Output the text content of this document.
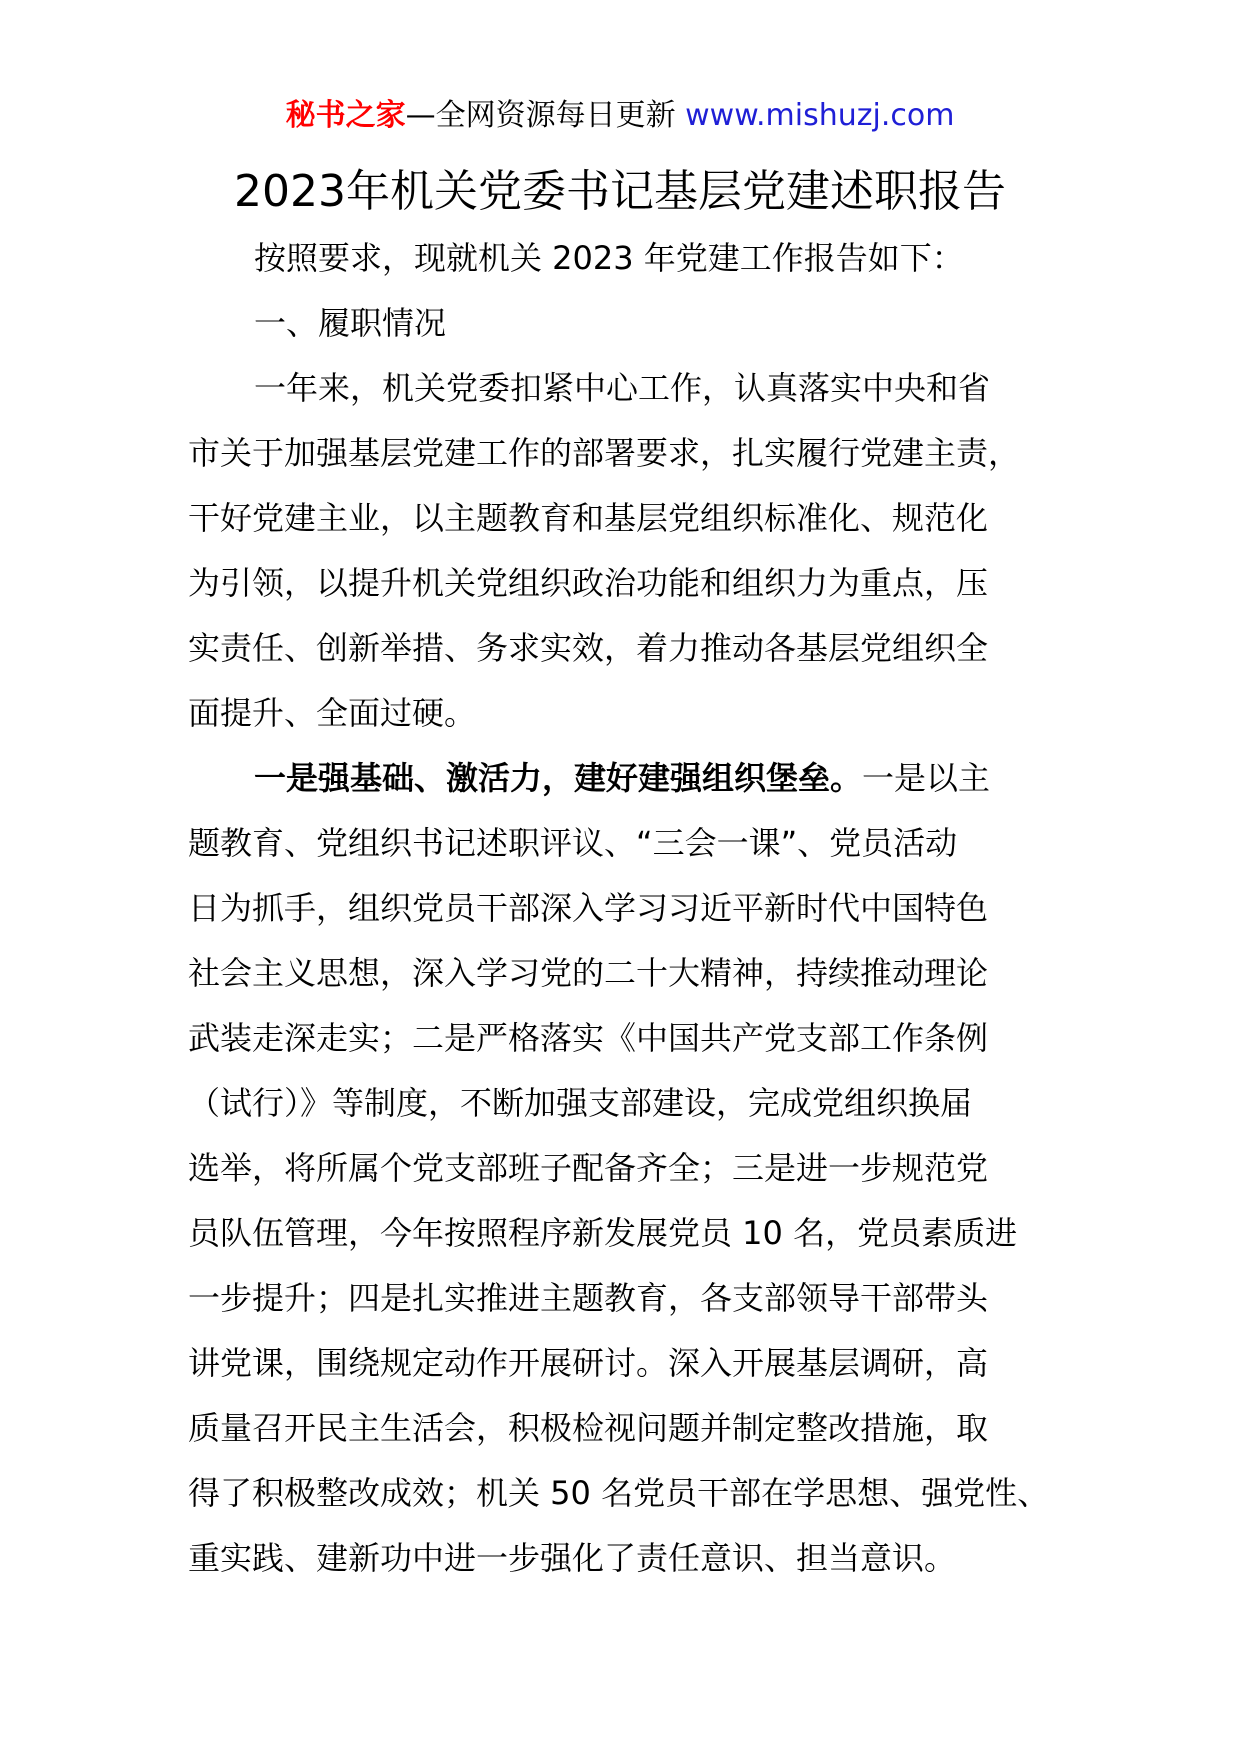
秘书之家—全网资源每日更新 www.mishuzj.com
2023年机关党委书记基层党建述职报告

按照要求，现就机关 2023 年党建工作报告如下：

一、履职情况

一年来，机关党委扣紧中心工作，认真落实中央和省
市关于加强基层党建工作的部署要求，扎实履行党建主责，
干好党建主业，以主题教育和基层党组织标准化、规范化
为引领，以提升机关党组织政治功能和组织力为重点，压
实责任、创新举措、务求实效，着力推动各基层党组织全
面提升、全面过硬。

一是强基础、激活力，建好建强组织堡垒。一是以主
题教育、党组织书记述职评议、“三会一课”、党员活动
日为抓手，组织党员干部深入学习习近平新时代中国特色
社会主义思想，深入学习党的二十大精神，持续推动理论
武装走深走实；二是严格落实《中国共产党支部工作条例
（试行）》等制度，不断加强支部建设，完成党组织换届
选举，将所属个党支部班子配备齐全；三是进一步规范党
员队伍管理，今年按照程序新发展党员 10 名，党员素质进
一步提升；四是扎实推进主题教育，各支部领导干部带头
讲党课，围绕规定动作开展研讨。深入开展基层调研，高
质量召开民主生活会，积极检视问题并制定整改措施，取
得了积极整改成效；机关 50 名党员干部在学思想、强党性、
重实践、建新功中进一步强化了责任意识、担当意识。
